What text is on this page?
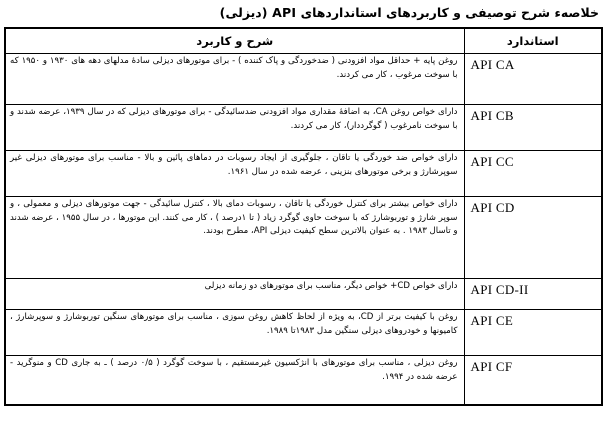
خلاصهء شرح توصیفی و کاربردهای استانداردهای API (دیزلی)
شرح و کاربرد	استاندارد
روغن پایه + حداقل مواد افزودنی ( ضدخوردگی و پاک کننده ) - برای موتورهای دیزلی سادهٔ مدلهای دهه های ۱۹۳۰ و ۱۹۵۰ که با سوخت مرغوب ، کار می کردند.	API CA
دارای خواص روغن CA، به اضافهٔ مقداری مواد افزودنی ضدسائیدگی - برای موتورهای دیزلی که در سال ۱۹۳۹، عرضه شدند و با سوخت نامرغوب ( گوگرددار)، کار می کردند.	API CB
دارای خواص ضد خوردگی یا تاقان ، جلوگیری از ایجاد رسوبات در دماهای پائین و بالا - مناسب برای موتورهای دیزلی غیر سوپرشارژ و برخی موتورهای بنزینی ، عرضه شده در سال ۱۹۶۱.	API CC
دارای خواص بیشتر برای کنترل خوردگی یا تاقان ، رسوبات دمای بالا ، کنترل سائیدگی - جهت موتورهای دیزلی و معمولی ، و سوپر شارژ و توربوشارژ که با سوخت حاوی گوگرد زیاد ( تا ۱درصد ) ، کار می کنند. این موتورها ، در سال ۱۹۵۵ ، عرضه شدند و تاسال ۱۹۸۳ . به عنوان بالاترین سطح کیفیت دیزلی API، مطرح بودند.	API CD
دارای خواص CD+ خواص دیگر، مناسب برای موتورهای دو زمانه دیزلی	API CD-II
روغن با کیفیت برتر از CD، به ویژه از لحاظ کاهش روغن سوزی ، مناسب برای موتورهای سنگین توربوشارژ و سوپرشارژ ، کامیونها و خودروهای دیزلی سنگین مدل ۱۹۸۳تا ۱۹۸۹.	API CE
روغن دیزلی ، مناسب برای موتورهای با انژکسیون غیرمستقیم ، با سوخت گوگرد ( ۰/۵ درصد ) ـ به جاری CD و منوگرید - عرضه شده در ۱۹۹۴.	API CF
